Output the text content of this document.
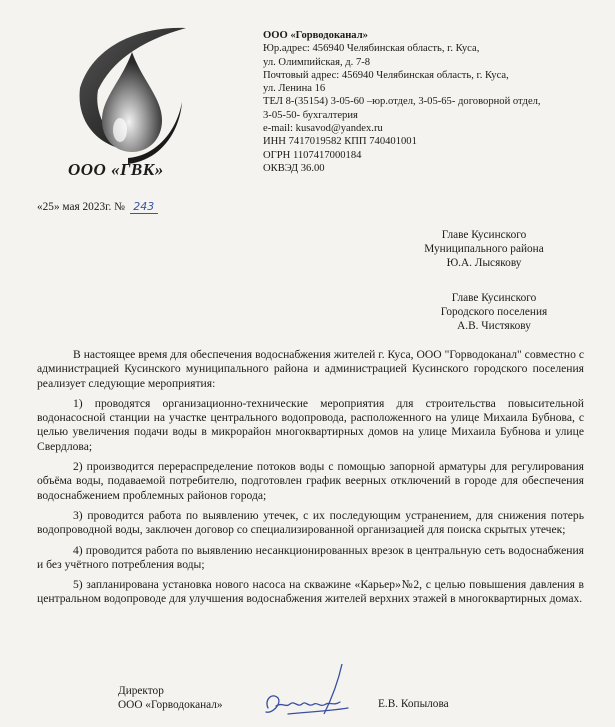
ООО «ГВК»
ООО «Горводоканал»
Юр.адрес: 456940 Челябинская область, г. Куса,
ул. Олимпийская, д. 7-8
Почтовый адрес: 456940 Челябинская область, г. Куса,
ул. Ленина 16
ТЕЛ 8-(35154) 3-05-60 –юр.отдел, 3-05-65- договорной отдел,
3-05-50- бухгалтерия
e-mail: kusavod@yandex.ru
ИНН 7417019582 КПП 740401001
ОГРН 1107417000184
ОКВЭД 36.00
«25» мая 2023г. № 243
Главе Кусинского
Муниципального района
Ю.А. Лысякову
Главе Кусинского
Городского поселения
А.В. Чистякову

В настоящее время для обеспечения водоснабжения жителей г. Куса, ООО "Горводоканал" совместно с администрацией Кусинского муниципального района и администрацией Кусинского городского поселения реализует следующие мероприятия:

1) проводятся организационно-технические мероприятия для строительства повысительной водонасосной станции на участке центрального водопровода, расположенного на улице Михаила Бубнова, с целью увеличения подачи воды в микрорайон многоквартирных домов на улице Михаила Бубнова и улице Свердлова;

2) производится перераспределение потоков воды с помощью запорной арматуры для регулирования объёма воды, подаваемой потребителю, подготовлен график веерных отключений в городе для обеспечения водоснабжением проблемных районов города;

3) проводится работа по выявлению утечек, с их последующим устранением, для снижения потерь водопроводной воды, заключен договор со специализированной организацией для поиска скрытых утечек;

4) проводится работа по выявлению несанкционированных врезок в центральную сеть водоснабжения и без учётного потребления воды;

5) запланирована установка нового насоса на скважине «Карьер»№2, с целью повышения давления в центральном водопроводе для улучшения водоснабжения жителей верхних этажей в многоквартирных домах.

Директор
ООО «Горводоканал»	Е.В. Копылова
